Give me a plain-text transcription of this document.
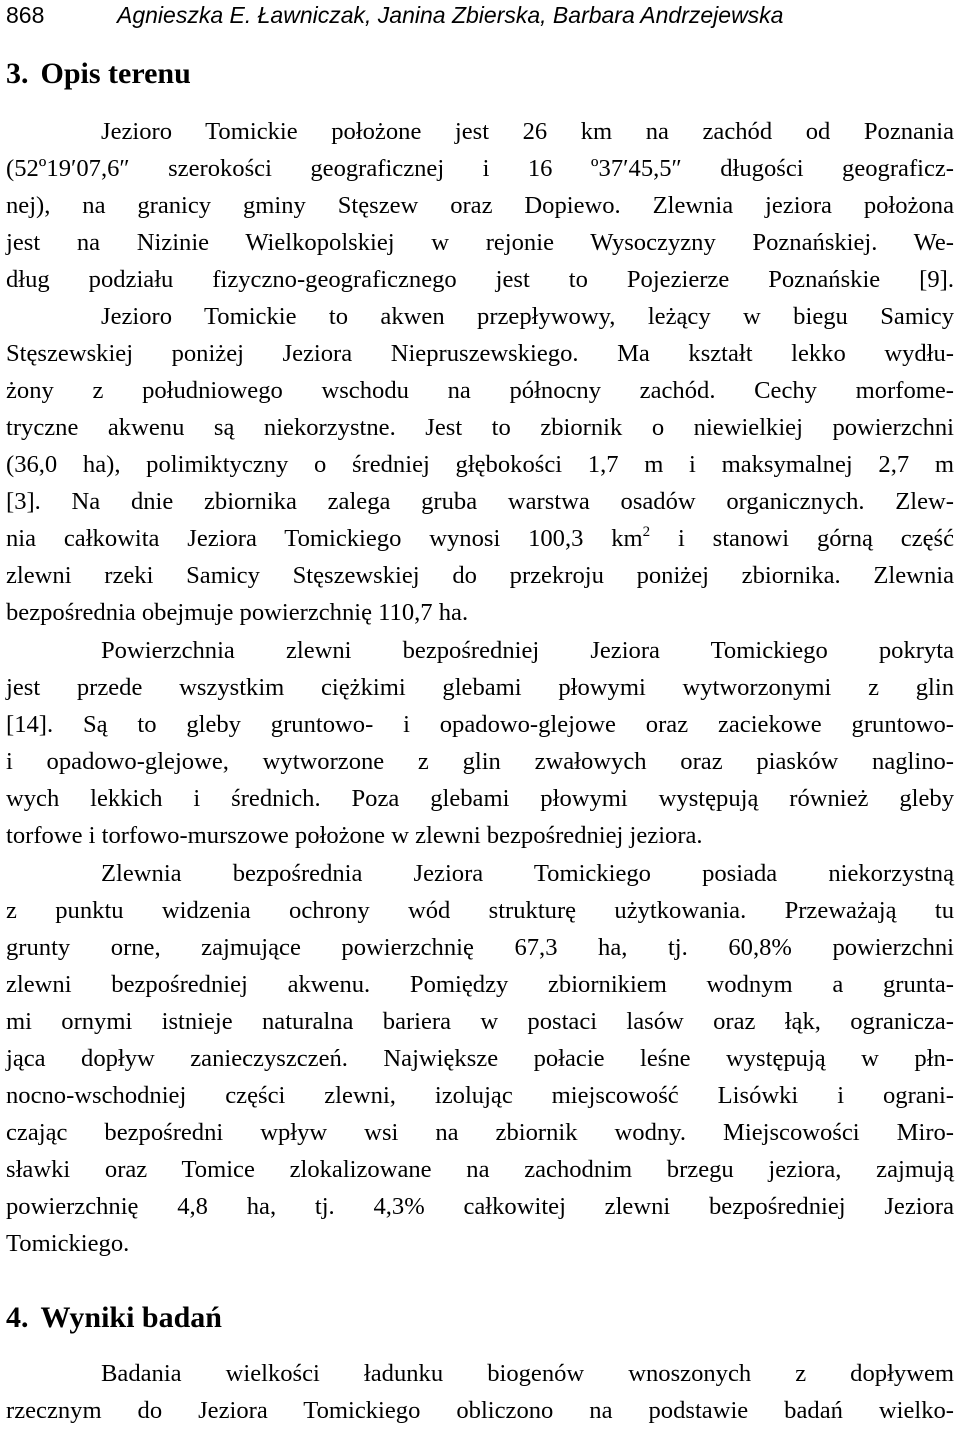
868	Agnieszka E. Ławniczak, Janina Zbierska, Barbara Andrzejewska
3. Opis terenu
Jezioro Tomickie położone jest 26 km na zachód od Poznania
(52º19′07,6″ szerokości geograficznej i 16 º37′45,5″ długości geograficz-
nej), na granicy gminy Stęszew oraz Dopiewo. Zlewnia jeziora położona
jest na Nizinie Wielkopolskiej w rejonie Wysoczyzny Poznańskiej. We-
dług podziału fizyczno-geograficznego jest to Pojezierze Poznańskie [9].
Jezioro Tomickie to akwen przepływowy, leżący w biegu Samicy
Stęszewskiej poniżej Jeziora Niepruszewskiego. Ma kształt lekko wydłu-
żony z południowego wschodu na północny zachód. Cechy morfome-
tryczne akwenu są niekorzystne. Jest to zbiornik o niewielkiej powierzchni
(36,0 ha), polimiktyczny o średniej głębokości 1,7 m i maksymalnej 2,7 m
[3]. Na dnie zbiornika zalega gruba warstwa osadów organicznych. Zlew-
nia całkowita Jeziora Tomickiego wynosi 100,3 $km^2$ i stanowi górną część
zlewni rzeki Samicy Stęszewskiej do przekroju poniżej zbiornika. Zlewnia
bezpośrednia obejmuje powierzchnię 110,7 ha.
Powierzchnia zlewni bezpośredniej Jeziora Tomickiego pokryta
jest przede wszystkim ciężkimi glebami płowymi wytworzonymi z glin
[14]. Są to gleby gruntowo- i opadowo-glejowe oraz zaciekowe gruntowo-
i opadowo-glejowe, wytworzone z glin zwałowych oraz piasków naglino-
wych lekkich i średnich. Poza glebami płowymi występują również gleby
torfowe i torfowo-murszowe położone w zlewni bezpośredniej jeziora.
Zlewnia bezpośrednia Jeziora Tomickiego posiada niekorzystną
z punktu widzenia ochrony wód strukturę użytkowania. Przeważają tu
grunty orne, zajmujące powierzchnię 67,3 ha, tj. 60,8% powierzchni
zlewni bezpośredniej akwenu. Pomiędzy zbiornikiem wodnym a grunta-
mi ornymi istnieje naturalna bariera w postaci lasów oraz łąk, ogranicza-
jąca dopływ zanieczyszczeń. Największe połacie leśne występują w płn-
nocno-wschodniej części zlewni, izolując miejscowość Lisówki i ograni-
czając bezpośredni wpływ wsi na zbiornik wodny. Miejscowości Miro-
sławki oraz Tomice zlokalizowane na zachodnim brzegu jeziora, zajmują
powierzchnię 4,8 ha, tj. 4,3% całkowitej zlewni bezpośredniej Jeziora
Tomickiego.
4. Wyniki badań
Badania wielkości ładunku biogenów wnoszonych z dopływem
rzecznym do Jeziora Tomickiego obliczono na podstawie badań wielko-
